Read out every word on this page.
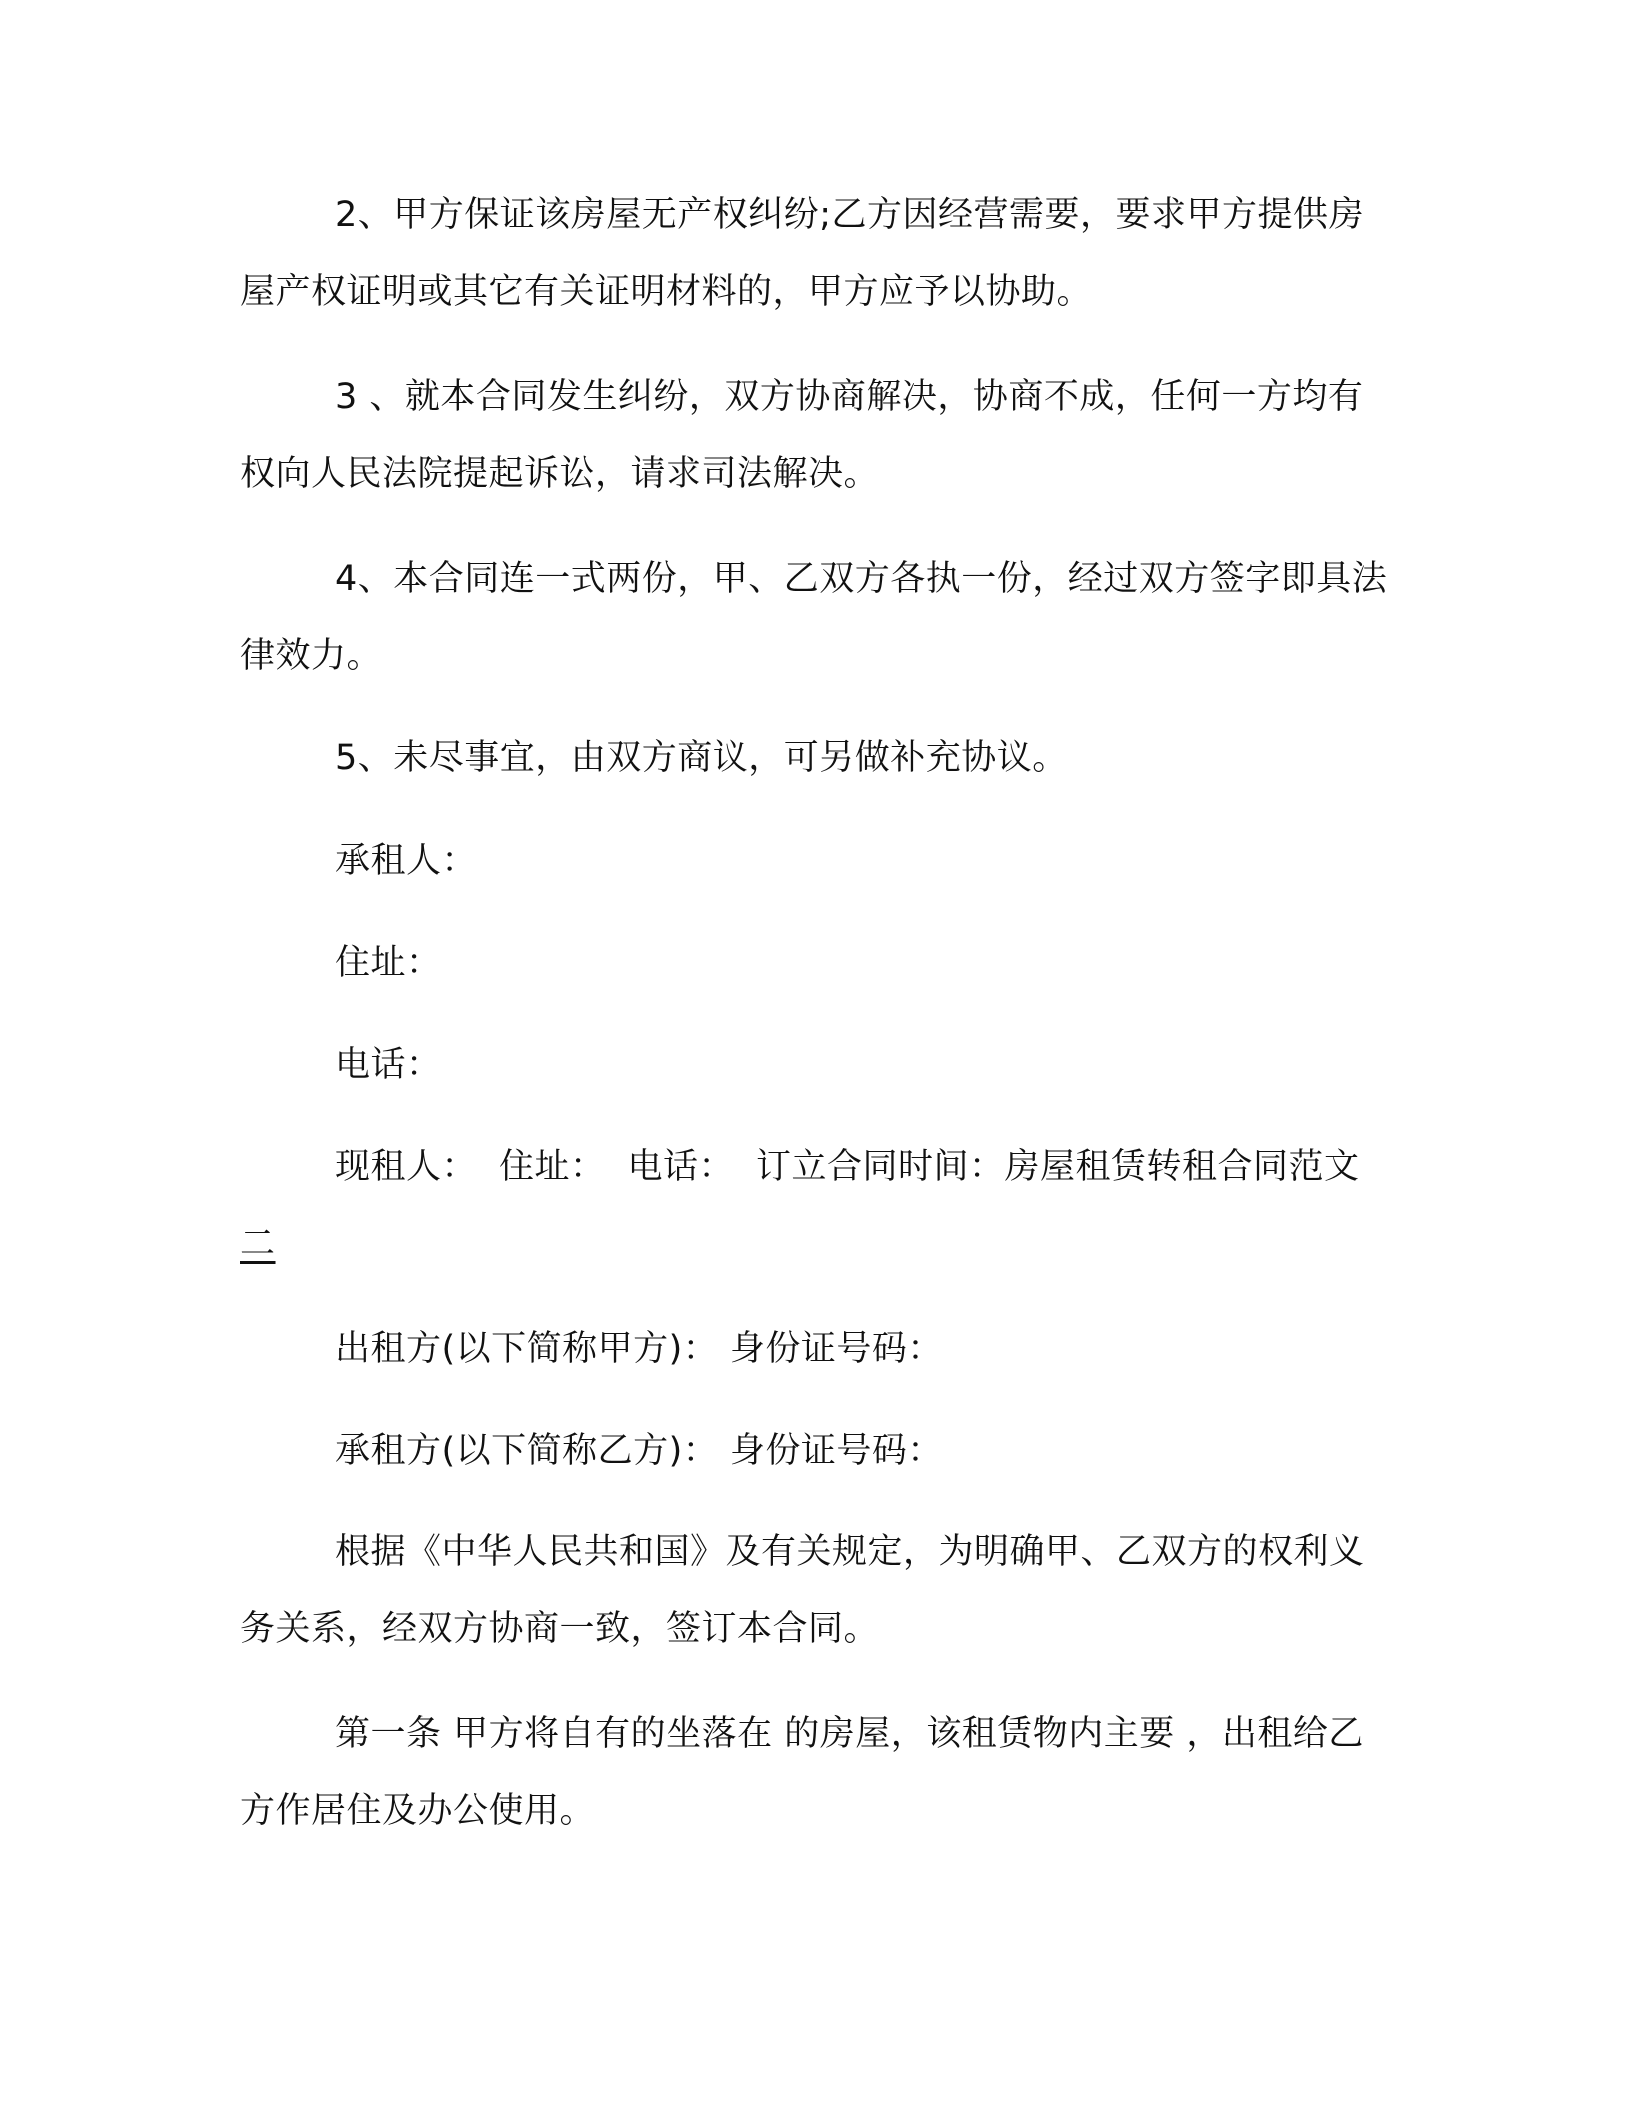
2、甲方保证该房屋无产权纠纷;乙方因经营需要，要求甲方提供房屋产权证明或其它有关证明材料的，甲方应予以协助。

3 、就本合同发生纠纷，双方协商解决，协商不成，任何一方均有权向人民法院提起诉讼，请求司法解决。

4、本合同连一式两份，甲、乙双方各执一份，经过双方签字即具法律效力。

5、未尽事宜，由双方商议，可另做补充协议。

承租人：

住址：

电话：

现租人： 住址： 电话： 订立合同时间：房屋租赁转租合同范文二

出租方(以下简称甲方)： 身份证号码：

承租方(以下简称乙方)： 身份证号码：

根据《中华人民共和国》及有关规定，为明确甲、乙双方的权利义务关系，经双方协商一致，签订本合同。

第一条 甲方将自有的坐落在 的房屋，该租赁物内主要 ，出租给乙方作居住及办公使用。
